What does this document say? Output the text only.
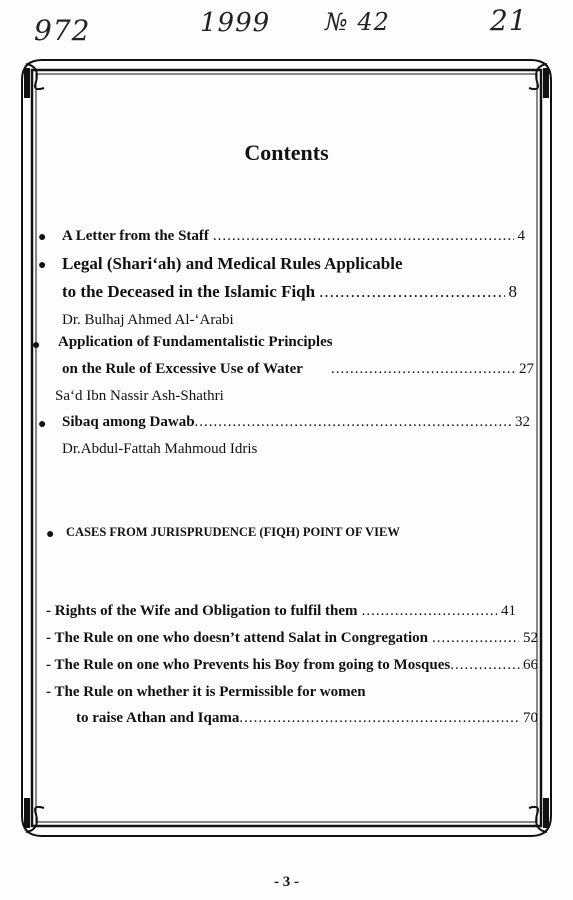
972	1999 № 42	21
Contents
● A Letter from the Staff .....	4
● Legal (Shari‘ah) and Medical Rules Applicable
to the Deceased in the Islamic Fiqh .....	8
Dr. Bulhaj Ahmed Al-‘Arabi
● Application of Fundamentalistic Principles
on the Rule of Excessive Use of Water .....	27
Sa‘d Ibn Nassir Ash-Shathri
● Sibaq among Dawab .....	32
Dr.Abdul-Fattah Mahmoud Idris
● CASES FROM JURISPRUDENCE (FIQH) POINT OF VIEW
- Rights of the Wife and Obligation to fulfil them .....	41
- The Rule on one who doesn’t attend Salat in Congregation .....	52
- The Rule on one who Prevents his Boy from going to Mosques .....	66
- The Rule on whether it is Permissible for women
to raise Athan and Iqama .....	70
- 3 -
